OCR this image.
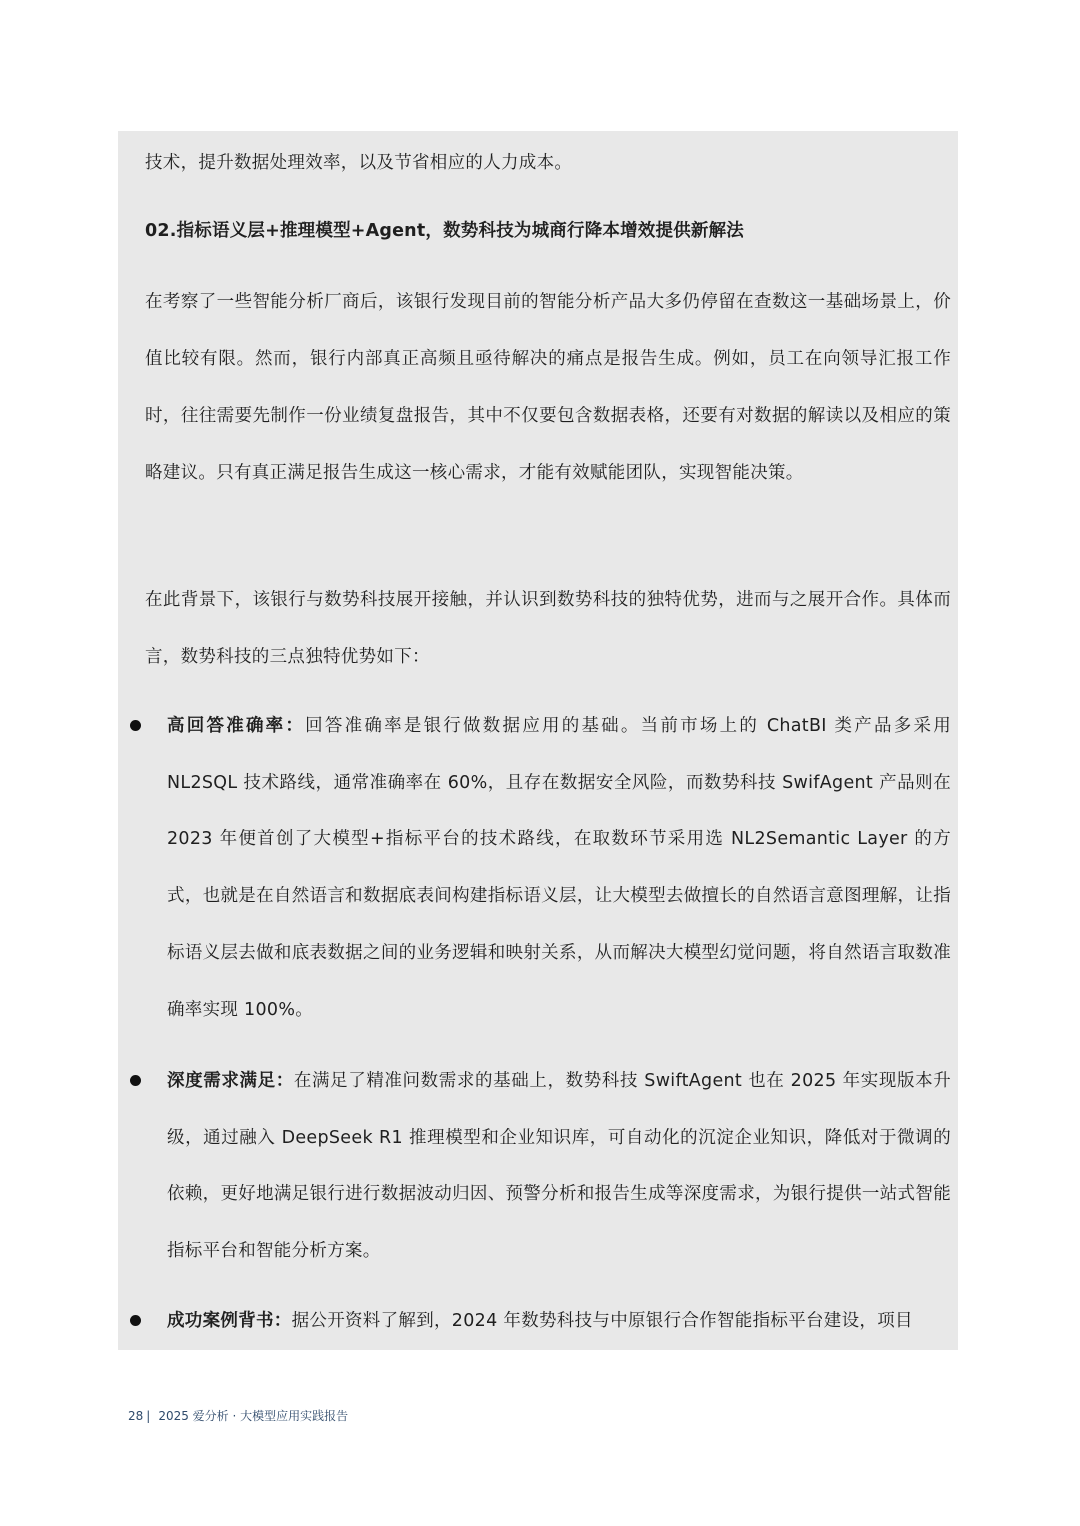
技术，提升数据处理效率，以及节省相应的人力成本。

02.指标语义层+推理模型+Agent，数势科技为城商行降本增效提供新解法

在考察了一些智能分析厂商后，该银行发现目前的智能分析产品大多仍停留在查数这一基础场景上，价值比较有限。然而，银行内部真正高频且亟待解决的痛点是报告生成。例如，员工在向领导汇报工作时，往往需要先制作一份业绩复盘报告，其中不仅要包含数据表格，还要有对数据的解读以及相应的策略建议。只有真正满足报告生成这一核心需求，才能有效赋能团队，实现智能决策。

在此背景下，该银行与数势科技展开接触，并认识到数势科技的独特优势，进而与之展开合作。具体而言，数势科技的三点独特优势如下：

高回答准确率：回答准确率是银行做数据应用的基础。当前市场上的 ChatBI 类产品多采用 NL2SQL 技术路线，通常准确率在 60%，且存在数据安全风险，而数势科技 SwifAgent 产品则在 2023 年便首创了大模型+指标平台的技术路线，在取数环节采用选 NL2Semantic Layer 的方式，也就是在自然语言和数据底表间构建指标语义层，让大模型去做擅长的自然语言意图理解，让指标语义层去做和底表数据之间的业务逻辑和映射关系，从而解决大模型幻觉问题，将自然语言取数准确率实现 100%。

深度需求满足：在满足了精准问数需求的基础上，数势科技 SwiftAgent 也在 2025 年实现版本升级，通过融入 DeepSeek R1 推理模型和企业知识库，可自动化的沉淀企业知识，降低对于微调的依赖，更好地满足银行进行数据波动归因、预警分析和报告生成等深度需求，为银行提供一站式智能指标平台和智能分析方案。

成功案例背书：据公开资料了解到，2024 年数势科技与中原银行合作智能指标平台建设，项目

28 | 2025 爱分析 · 大模型应用实践报告
